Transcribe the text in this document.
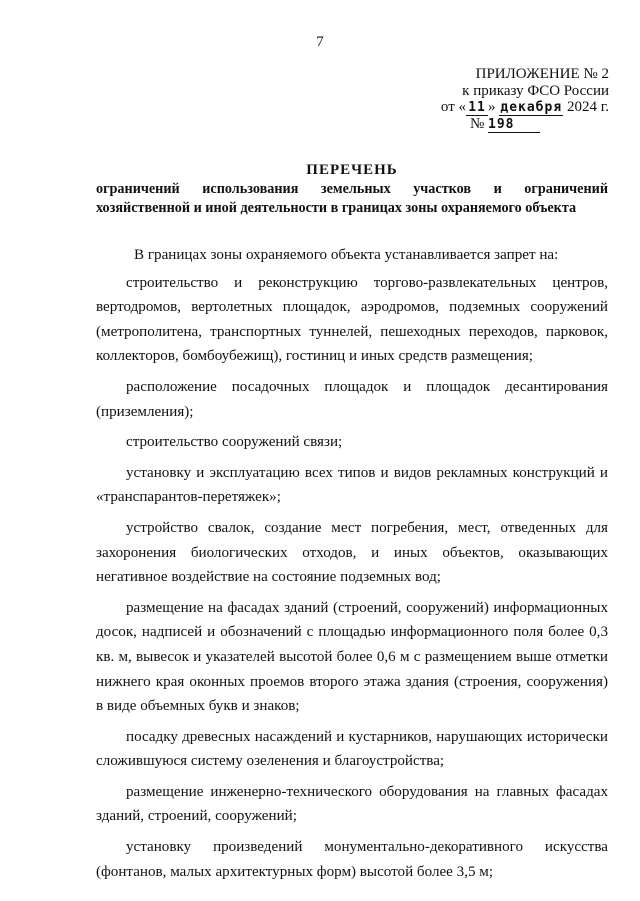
7
ПРИЛОЖЕНИЕ № 2
к приказу ФСО России
от « 11 » декабря 2024 г.
№ 198
ПЕРЕЧЕНЬ
ограничений использования земельных участков и ограничений
хозяйственной и иной деятельности в границах зоны охраняемого объекта

В границах зоны охраняемого объекта устанавливается запрет на:

строительство и реконструкцию торгово-развлекательных центров, вертодромов, вертолетных площадок, аэродромов, подземных сооружений (метрополитена, транспортных туннелей, пешеходных переходов, парковок, коллекторов, бомбоубежищ), гостиниц и иных средств размещения;

расположение посадочных площадок и площадок десантирования (приземления);

строительство сооружений связи;

установку и эксплуатацию всех типов и видов рекламных конструкций и «транспарантов-перетяжек»;

устройство свалок, создание мест погребения, мест, отведенных для захоронения биологических отходов, и иных объектов, оказывающих негативное воздействие на состояние подземных вод;

размещение на фасадах зданий (строений, сооружений) информационных досок, надписей и обозначений с площадью информационного поля более 0,3 кв. м, вывесок и указателей высотой более 0,6 м с размещением выше отметки нижнего края оконных проемов второго этажа здания (строения, сооружения) в виде объемных букв и знаков;

посадку древесных насаждений и кустарников, нарушающих исторически сложившуюся систему озеленения и благоустройства;

размещение инженерно-технического оборудования на главных фасадах зданий, строений, сооружений;

установку произведений монументально-декоративного искусства (фонтанов, малых архитектурных форм) высотой более 3,5 м;
